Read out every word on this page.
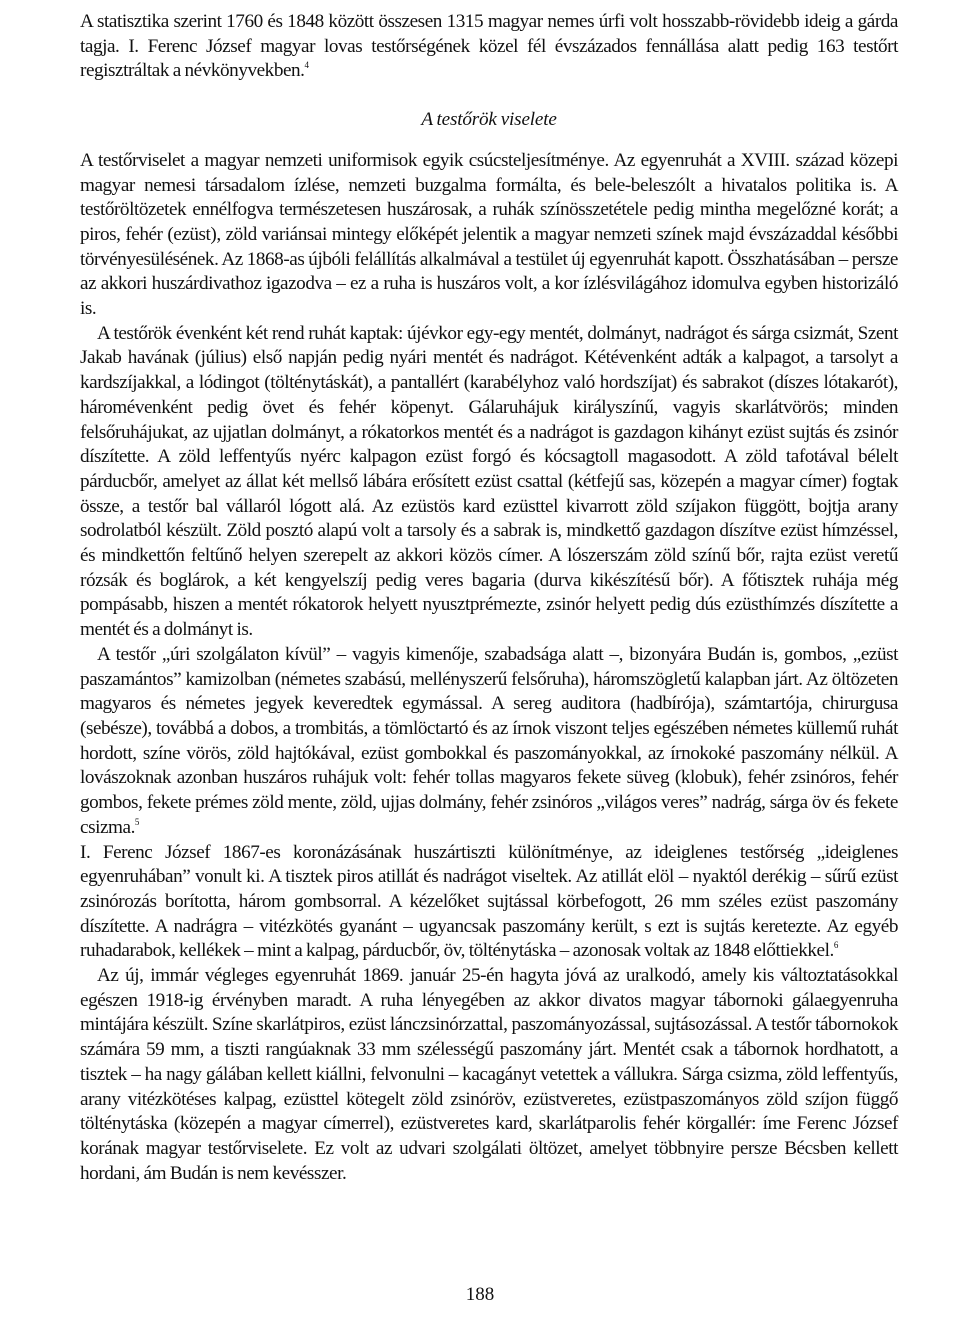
A statisztika szerint 1760 és 1848 között összesen 1315 magyar nemes úrfi volt hosszabb-rövidebb ideig a gárda tagja. I. Ferenc József magyar lovas testőrségének közel fél évszázados fennállása alatt pedig 163 testőrt regisztráltak a névkönyvekben.$^4$

A testőrök viselete

A testőrviselet a magyar nemzeti uniformisok egyik csúcsteljesítménye. Az egyenruhát a XVIII. század közepi magyar nemesi társadalom ízlése, nemzeti buzgalma formálta, és bele-beleszólt a hivatalos politika is. A testőröltözetek ennélfogva természetesen huszárosak, a ruhák színösszetétele pedig mintha megelőzné korát; a piros, fehér (ezüst), zöld variánsai mintegy előképét jelentik a magyar nemzeti színek majd évszázaddal későbbi törvényesülésének. Az 1868-as újbóli felállítás alkalmával a testület új egyenruhát kapott. Összhatásában – persze az akkori huszárdivathoz igazodva – ez a ruha is huszáros volt, a kor ízlésvilágához idomulva egyben historizáló is.

A testőrök évenként két rend ruhát kaptak: újévkor egy-egy mentét, dolmányt, nadrágot és sárga csizmát, Szent Jakab havának (július) első napján pedig nyári mentét és nadrágot. Kétévenként adták a kalpagot, a tarsolyt a kardszíjakkal, a lódingot (tölténytáskát), a pantallért (karabélyhoz való hordszíjat) és sabrakot (díszes lótakarót), háromévenként pedig övet és fehér köpenyt. Gálaruhájuk királyszínű, vagyis skarlátvörös; minden felsőruhájukat, az ujjatlan dolmányt, a rókatorkos mentét és a nadrágot is gazdagon kihányt ezüst sujtás és zsinór díszítette. A zöld leffentyűs nyérc kalpagon ezüst forgó és kócsagtoll magasodott. A zöld tafotával bélelt párducbőr, amelyet az állat két mellső lábára erősített ezüst csattal (kétfejű sas, közepén a magyar címer) fogtak össze, a testőr bal vállaról lógott alá. Az ezüstös kard ezüsttel kivarrott zöld szíjakon függött, bojtja arany sodrolatból készült. Zöld posztó alapú volt a tarsoly és a sabrak is, mindkettő gazdagon díszítve ezüst hímzéssel, és mindkettőn feltűnő helyen szerepelt az akkori közös címer. A lószerszám zöld színű bőr, rajta ezüst veretű rózsák és boglárok, a két kengyelszíj pedig veres bagaria (durva kikészítésű bőr). A főtisztek ruhája még pompásabb, hiszen a mentét rókatorok helyett nyusztprémezte, zsinór helyett pedig dús ezüsthímzés díszítette a mentét és a dolmányt is.

A testőr „úri szolgálaton kívül” – vagyis kimenője, szabadsága alatt –, bizonyára Budán is, gombos, „ezüst paszamántos” kamizolban (németes szabású, mellényszerű felsőruha), háromszögletű kalapban járt. Az öltözeten magyaros és németes jegyek keveredtek egymással. A sereg auditora (hadbírója), számtartója, chirurgusa (sebésze), továbbá a dobos, a trombitás, a tömlöctartó és az írnok viszont teljes egészében németes küllemű ruhát hordott, színe vörös, zöld hajtókával, ezüst gombokkal és paszományokkal, az írnokoké paszomány nélkül. A lovászoknak azonban huszáros ruhájuk volt: fehér tollas magyaros fekete süveg (klobuk), fehér zsinóros, fehér gombos, fekete prémes zöld mente, zöld, ujjas dolmány, fehér zsinóros „világos veres” nadrág, sárga öv és fekete csizma.$^5$

I. Ferenc József 1867-es koronázásának huszártiszti különítménye, az ideiglenes testőrség „ideiglenes egyenruhában” vonult ki. A tisztek piros atillát és nadrágot viseltek. Az atillát elöl – nyaktól derékig – sűrű ezüst zsinórozás borította, három gombsorral. A kézelőket sujtással körbefogott, 26 mm széles ezüst paszomány díszítette. A nadrágra – vitézkötés gyanánt – ugyancsak paszomány került, s ezt is sujtás keretezte. Az egyéb ruhadarabok, kellékek – mint a kalpag, párducbőr, öv, tölténytáska – azonosak voltak az 1848 előttiekkel.$^6$

Az új, immár végleges egyenruhát 1869. január 25-én hagyta jóvá az uralkodó, amely kis változtatásokkal egészen 1918-ig érvényben maradt. A ruha lényegében az akkor divatos magyar tábornoki gálaegyenruha mintájára készült. Színe skarlátpiros, ezüst lánczsinórzattal, paszományozással, sujtásozással. A testőr tábornokok számára 59 mm, a tiszti rangúaknak 33 mm szélességű paszomány járt. Mentét csak a tábornok hordhatott, a tisztek – ha nagy gálában kellett kiállni, felvonulni – kacagányt vetettek a vállukra. Sárga csizma, zöld leffentyűs, arany vitézkötéses kalpag, ezüsttel kötegelt zöld zsinóröv, ezüstveretes, ezüstpaszományos zöld szíjon függő tölténytáska (közepén a magyar címerrel), ezüstveretes kard, skarlátparolis fehér körgallér: íme Ferenc József korának magyar testőrviselete. Ez volt az udvari szolgálati öltözet, amelyet többnyire persze Bécsben kellett hordani, ám Budán is nem kevésszer.

188
